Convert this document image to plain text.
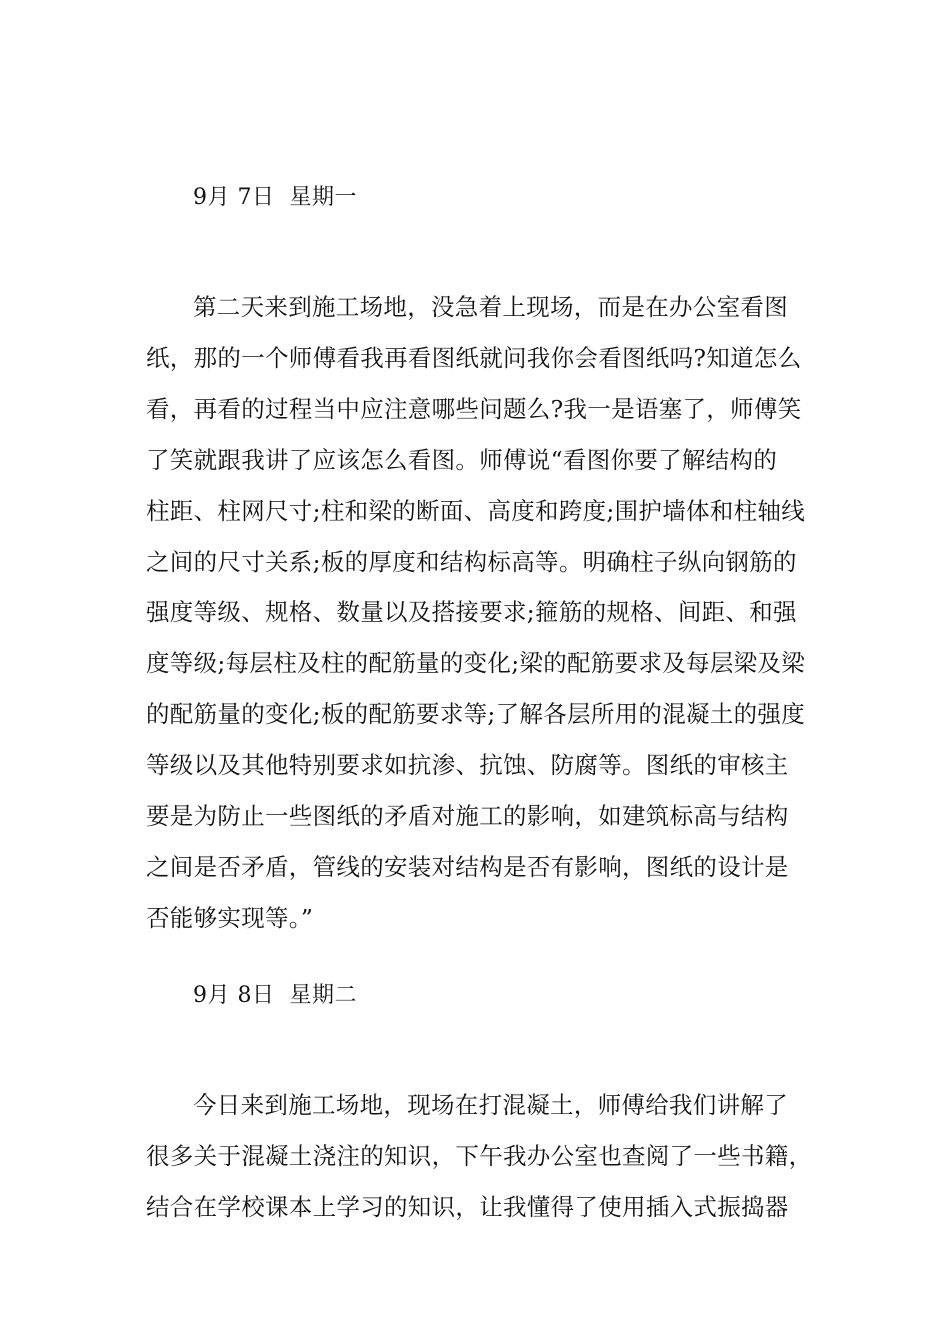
9月 7日  星期一
第二天来到施工场地，没急着上现场，而是在办公室看图
纸，那的一个师傅看我再看图纸就问我你会看图纸吗?知道怎么
看，再看的过程当中应注意哪些问题么?我一是语塞了，师傅笑
了笑就跟我讲了应该怎么看图。师傅说“看图你要了解结构的
柱距、柱网尺寸;柱和梁的断面、高度和跨度;围护墙体和柱轴线
之间的尺寸关系;板的厚度和结构标高等。明确柱子纵向钢筋的
强度等级、规格、数量以及搭接要求;箍筋的规格、间距、和强
度等级;每层柱及柱的配筋量的变化;梁的配筋要求及每层梁及梁
的配筋量的变化;板的配筋要求等;了解各层所用的混凝土的强度
等级以及其他特别要求如抗渗、抗蚀、防腐等。图纸的审核主
要是为防止一些图纸的矛盾对施工的影响，如建筑标高与结构
之间是否矛盾，管线的安装对结构是否有影响，图纸的设计是
否能够实现等。”
9月 8日  星期二
今日来到施工场地，现场在打混凝土，师傅给我们讲解了
很多关于混凝土浇注的知识，下午我办公室也查阅了一些书籍，
结合在学校课本上学习的知识，让我懂得了使用插入式振捣器
